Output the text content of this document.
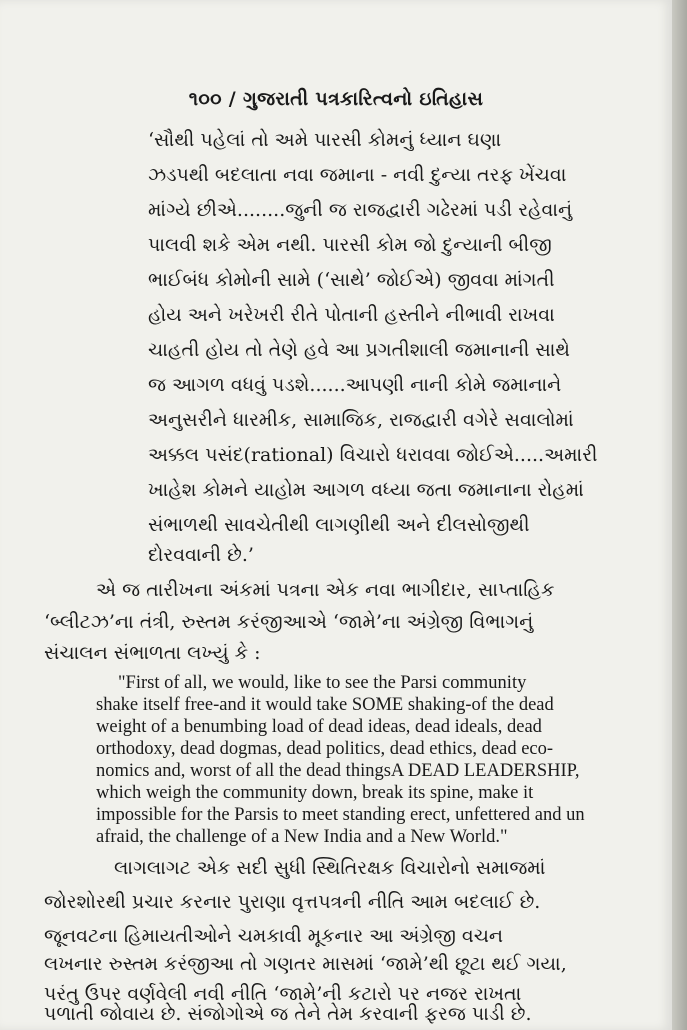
૧૦૦ / ગુજરાતી પત્રકારિત્વનો ઇતિહાસ
‘સૌથી પહેલાં તો અમે પારસી કોમનું ધ્યાન ઘણા
ઝડપથી બદલાતા નવા જમાના - નવી દુન્યા તરફ ખેંચવા
માંગ્યે છીએ........જુની જ રાજદ્વારી ગઢેરમાં પડી રહેવાનું
પાલવી શકે એમ નથી. પારસી કોમ જો દુન્યાની બીજી
ભાઈબંધ કોમોની સામે (‘સાથે’ જોઈએ) જીવવા માંગતી
હોય અને ખરેખરી રીતે પોતાની હસ્તીને નીભાવી રાખવા
ચાહતી હોય તો તેણે હવે આ પ્રગતીશાલી જમાનાની સાથે
જ આગળ વધવું પડશે......આપણી નાની કોમે જમાનાને
અનુસરીને ધારમીક, સામાજિક, રાજદ્વારી વગેરે સવાલોમાં
અક્કલ પસંદ(rational) વિચારો ધરાવવા જોઈએ.....અમારી
ખાહેશ કોમને યાહોમ આગળ વધ્યા જતા જમાનાના રોહમાં
સંભાળથી સાવચેતીથી લાગણીથી અને દીલસોજીથી
દોરવવાની છે.’
એ જ તારીખના અંકમાં પત્રના એક નવા ભાગીદાર, સાપ્તાહિક
‘બ્લીટઝ’ના તંત્રી, રુસ્તમ કરંજીઆએ ‘જામે’ના અંગ્રેજી વિભાગનું
સંચાલન સંભાળતા લખ્યું કે :
"First of all, we would, like to see the Parsi community
shake itself free-and it would take SOME shaking-of the dead
weight of a benumbing load of dead ideas, dead ideals, dead
orthodoxy, dead dogmas, dead politics, dead ethics, dead eco-
nomics and, worst of all the dead thingsA DEAD LEADERSHIP,
which weigh the community down, break its spine, make it
impossible for the Parsis to meet standing erect, unfettered and un
afraid, the challenge of a New India and a New World."
લાગલાગટ એક સદી સુધી સ્થિતિરક્ષક વિચારોનો સમાજમાં
જોરશોરથી પ્રચાર કરનાર પુરાણા વૃત્તપત્રની નીતિ આમ બદલાઈ છે.
જૂનવટના હિમાયતીઓને ચમકાવી મૂકનાર આ અંગ્રેજી વચન
લખનાર રુસ્તમ કરંજીઆ તો ગણતર માસમાં ‘જામે’થી છૂટા થઈ ગયા,
પરંતુ ઉપર વર્ણવેલી નવી નીતિ ‘જામે’ની કટારો પર નજર રાખતા
પળાતી જોવાય છે. સંજોગોએ જ તેને તેમ કરવાની ફરજ પાડી છે.
